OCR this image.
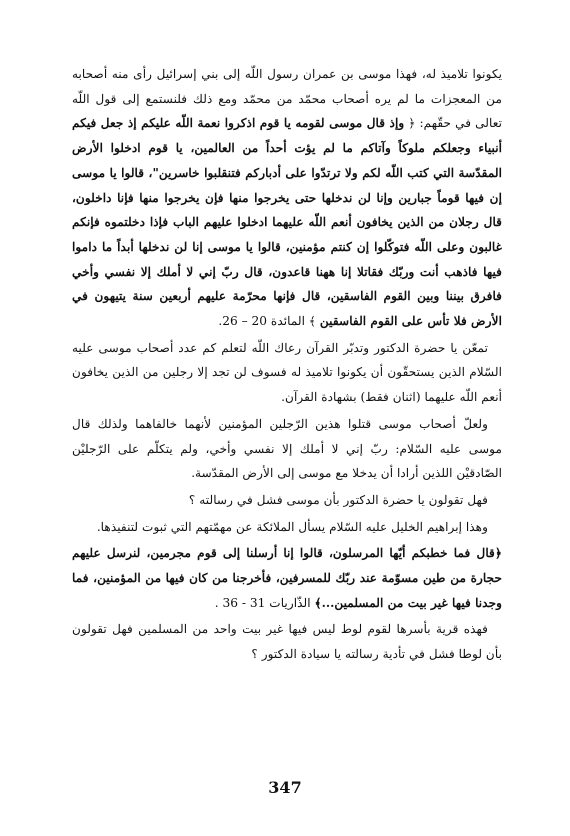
يكونوا تلاميذ له، فهذا موسى بن عمران رسول اللّه إلى بني إسرائيل رأى منه أصحابه من المعجزات ما لم يره أصحاب محمّد من محمّد ومع ذلك فلنستمع إلى قول اللّه تعالى في حقّهم: ﴿ وإذ قال موسى لقومه يا قوم اذكروا نعمة اللّه عليكم إذ جعل فيكم أنبياء وجعلكم ملوكاً وآتاكم ما لم يؤت أحداً من العالمين، يا قوم ادخلوا الأرض المقدّسة التي كتب اللّه لكم ولا ترتدّوا على أدباركم فتنقلبوا خاسرين"، قالوا يا موسى إن فيها قوماً جبارين وإنا لن ندخلها حتى يخرجوا منها فإن يخرجوا منها فإنا داخلون، قال رجلان من الذين يخافون أنعم اللّه عليهما ادخلوا عليهم الباب فإذا دخلتموه فإنكم غالبون وعلى اللّه فتوكّلوا إن كنتم مؤمنين، قالوا يا موسى إنا لن ندخلها أبداً ما داموا فيها فاذهب أنت وربّك فقاتلا إنا ههنا قاعدون، قال ربّ إني لا أملك إلا نفسي وأخي فافرق بيننا وبين القوم الفاسقين، قال فإنها محرّمة عليهم أربعين سنة يتيهون في الأرض فلا تأس على القوم الفاسقين ﴾ المائدة 20 – 26.

تمعّن يا حضرة الدكتور وتدبّر القرآن رعاك اللّه لتعلم كم عدد أصحاب موسى عليه السّلام الذين يستحقّون أن يكونوا تلاميذ له فسوف لن تجد إلا رجلين من الذين يخافون أنعم اللّه عليهما (اثنان فقط) بشهادة القرآن.

ولعلّ أصحاب موسى قتلوا هذين الرّجلين المؤمنين لأنهما خالفاهما ولذلك قال موسى عليه السّلام: ربّ إني لا أملك إلا نفسي وأخي، ولم يتكلّم على الرّجليْن الصّادقيْن اللذين أرادا أن يدخلا مع موسى إلى الأرض المقدّسة.

فهل تقولون يا حضرة الدكتور بأن موسى فشل في رسالته ؟

وهذا إبراهيم الخليل عليه السّلام يسأل الملائكة عن مهمّتهم التي ثبوت لتنفيذها.

﴿قال فما خطبكم أيّها المرسلون، قالوا إنا أرسلنا إلى قوم مجرمين، لنرسل عليهم حجارة من طين مسوّمة عند ربّك للمسرفين، فأخرجنا من كان فيها من المؤمنين، فما وجدنا فيها غير بيت من المسلمين...﴾ الذّاريات 31 - 36 .

فهذه قرية بأسرها لقوم لوط ليس فيها غير بيت واحد من المسلمين فهل تقولون بأن لوطا فشل في تأدية رسالته يا سيادة الدكتور ؟

347
